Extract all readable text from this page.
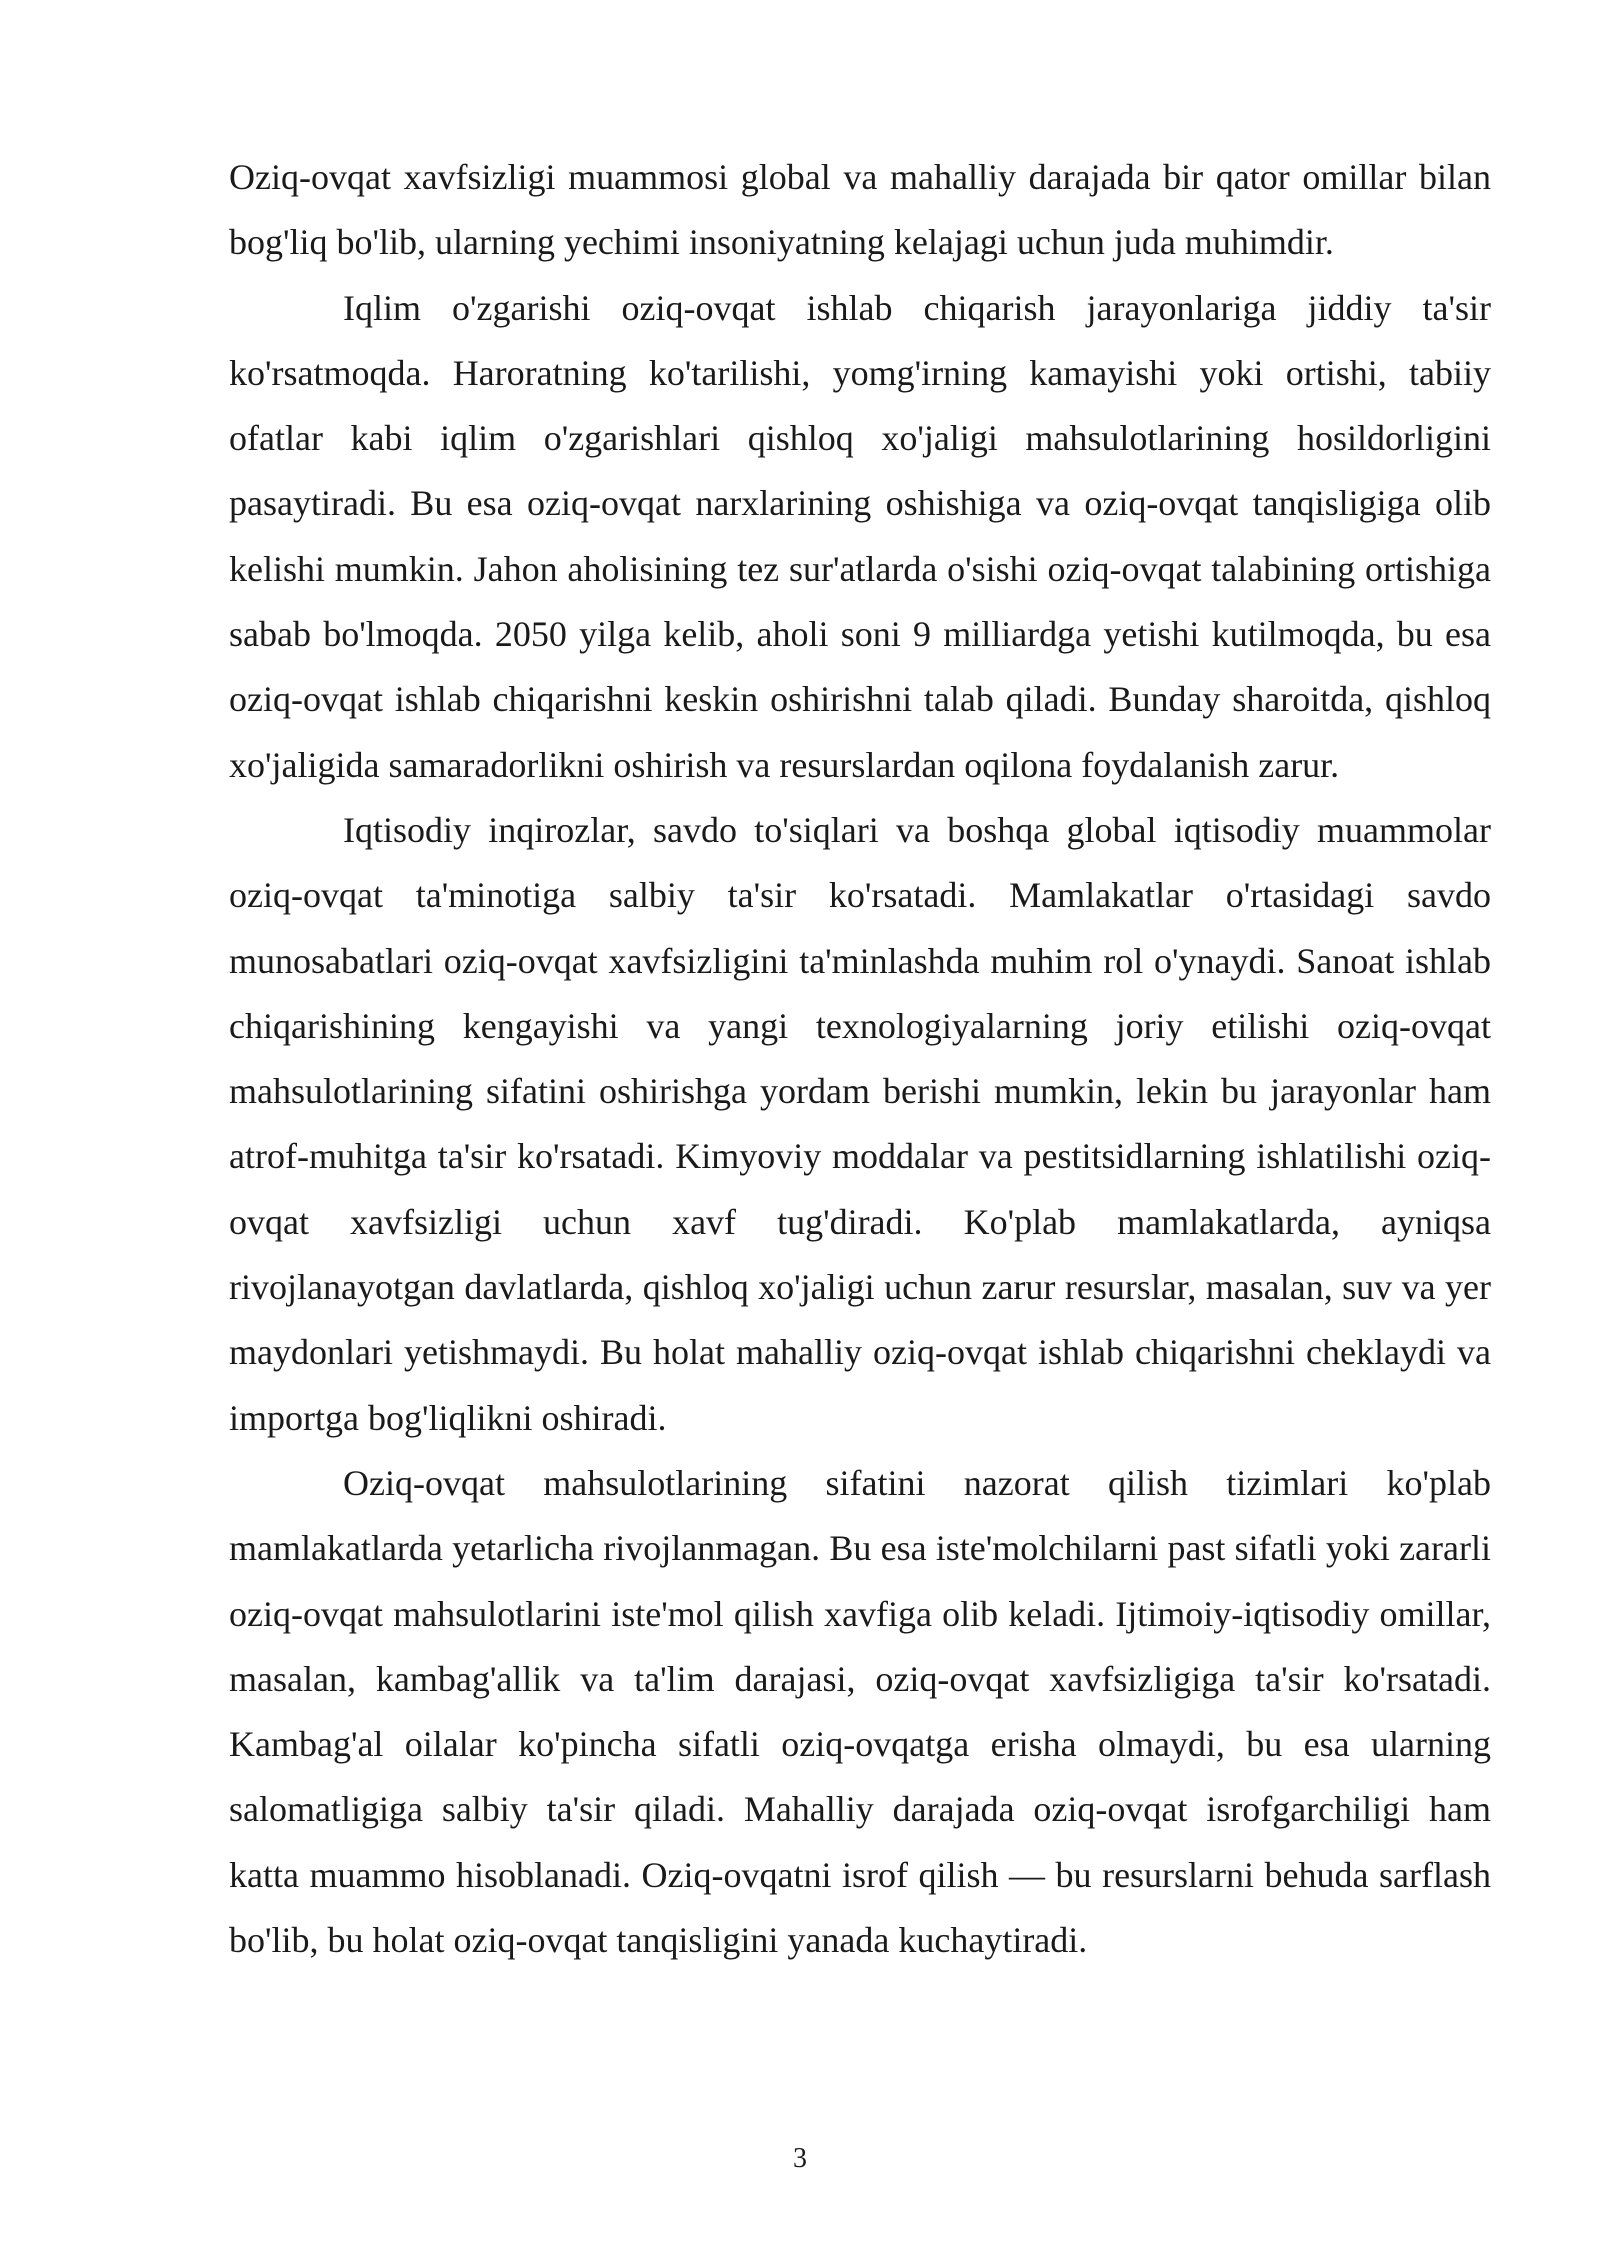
Oziq-ovqat xavfsizligi muammosi global va mahalliy darajada bir qator omillar bilan bog'liq bo'lib, ularning yechimi insoniyatning kelajagi uchun juda muhimdir.

Iqlim o'zgarishi oziq-ovqat ishlab chiqarish jarayonlariga jiddiy ta'sir ko'rsatmoqda. Haroratning ko'tarilishi, yomg'irning kamayishi yoki ortishi, tabiiy ofatlar kabi iqlim o'zgarishlari qishloq xo'jaligi mahsulotlarining hosildorligini pasaytiradi. Bu esa oziq-ovqat narxlarining oshishiga va oziq-ovqat tanqisligiga olib kelishi mumkin. Jahon aholisining tez sur'atlarda o'sishi oziq-ovqat talabining ortishiga sabab bo'lmoqda. 2050 yilga kelib, aholi soni 9 milliardga yetishi kutilmoqda, bu esa oziq-ovqat ishlab chiqarishni keskin oshirishni talab qiladi. Bunday sharoitda, qishloq xo'jaligida samaradorlikni oshirish va resurslardan oqilona foydalanish zarur.

Iqtisodiy inqirozlar, savdo to'siqlari va boshqa global iqtisodiy muammolar oziq-ovqat ta'minotiga salbiy ta'sir ko'rsatadi. Mamlakatlar o'rtasidagi savdo munosabatlari oziq-ovqat xavfsizligini ta'minlashda muhim rol o'ynaydi. Sanoat ishlab chiqarishining kengayishi va yangi texnologiyalarning joriy etilishi oziq-ovqat mahsulotlarining sifatini oshirishga yordam berishi mumkin, lekin bu jarayonlar ham atrof-muhitga ta'sir ko'rsatadi. Kimyoviy moddalar va pestitsidlarning ishlatilishi oziq-ovqat xavfsizligi uchun xavf tug'diradi. Ko'plab mamlakatlarda, ayniqsa rivojlanayotgan davlatlarda, qishloq xo'jaligi uchun zarur resurslar, masalan, suv va yer maydonlari yetishmaydi. Bu holat mahalliy oziq-ovqat ishlab chiqarishni cheklaydi va importga bog'liqlikni oshiradi.

Oziq-ovqat mahsulotlarining sifatini nazorat qilish tizimlari ko'plab mamlakatlarda yetarlicha rivojlanmagan. Bu esa iste'molchilarni past sifatli yoki zararli oziq-ovqat mahsulotlarini iste'mol qilish xavfiga olib keladi. Ijtimoiy-iqtisodiy omillar, masalan, kambag'allik va ta'lim darajasi, oziq-ovqat xavfsizligiga ta'sir ko'rsatadi. Kambag'al oilalar ko'pincha sifatli oziq-ovqatga erisha olmaydi, bu esa ularning salomatligiga salbiy ta'sir qiladi. Mahalliy darajada oziq-ovqat isrofgarchiligi ham katta muammo hisoblanadi. Oziq-ovqatni isrof qilish — bu resurslarni behuda sarflash bo'lib, bu holat oziq-ovqat tanqisligini yanada kuchaytiradi.

3
